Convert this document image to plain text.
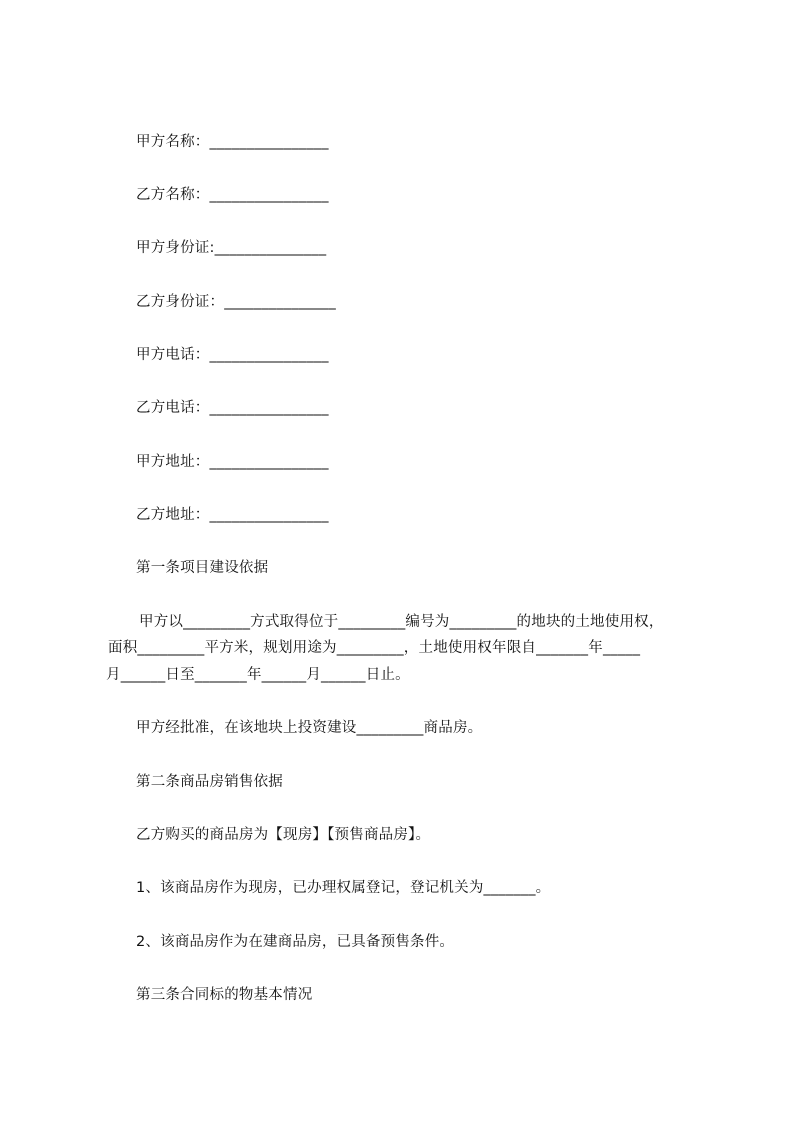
甲方名称：________________
乙方名称：________________
甲方身份证:_______________
乙方身份证：_______________
甲方电话：________________
乙方电话：________________
甲方地址：________________
乙方地址：________________
第一条项目建设依据
甲方以_________方式取得位于_________编号为_________的地块的土地使用权，
面积_________平方米，规划用途为_________，土地使用权年限自_______年_____
月______日至_______年______月______日止。
甲方经批准，在该地块上投资建设_________商品房。
第二条商品房销售依据
乙方购买的商品房为【现房】【预售商品房】。
1、该商品房作为现房，已办理权属登记，登记机关为_______。
2、该商品房作为在建商品房，已具备预售条件。
第三条合同标的物基本情况
